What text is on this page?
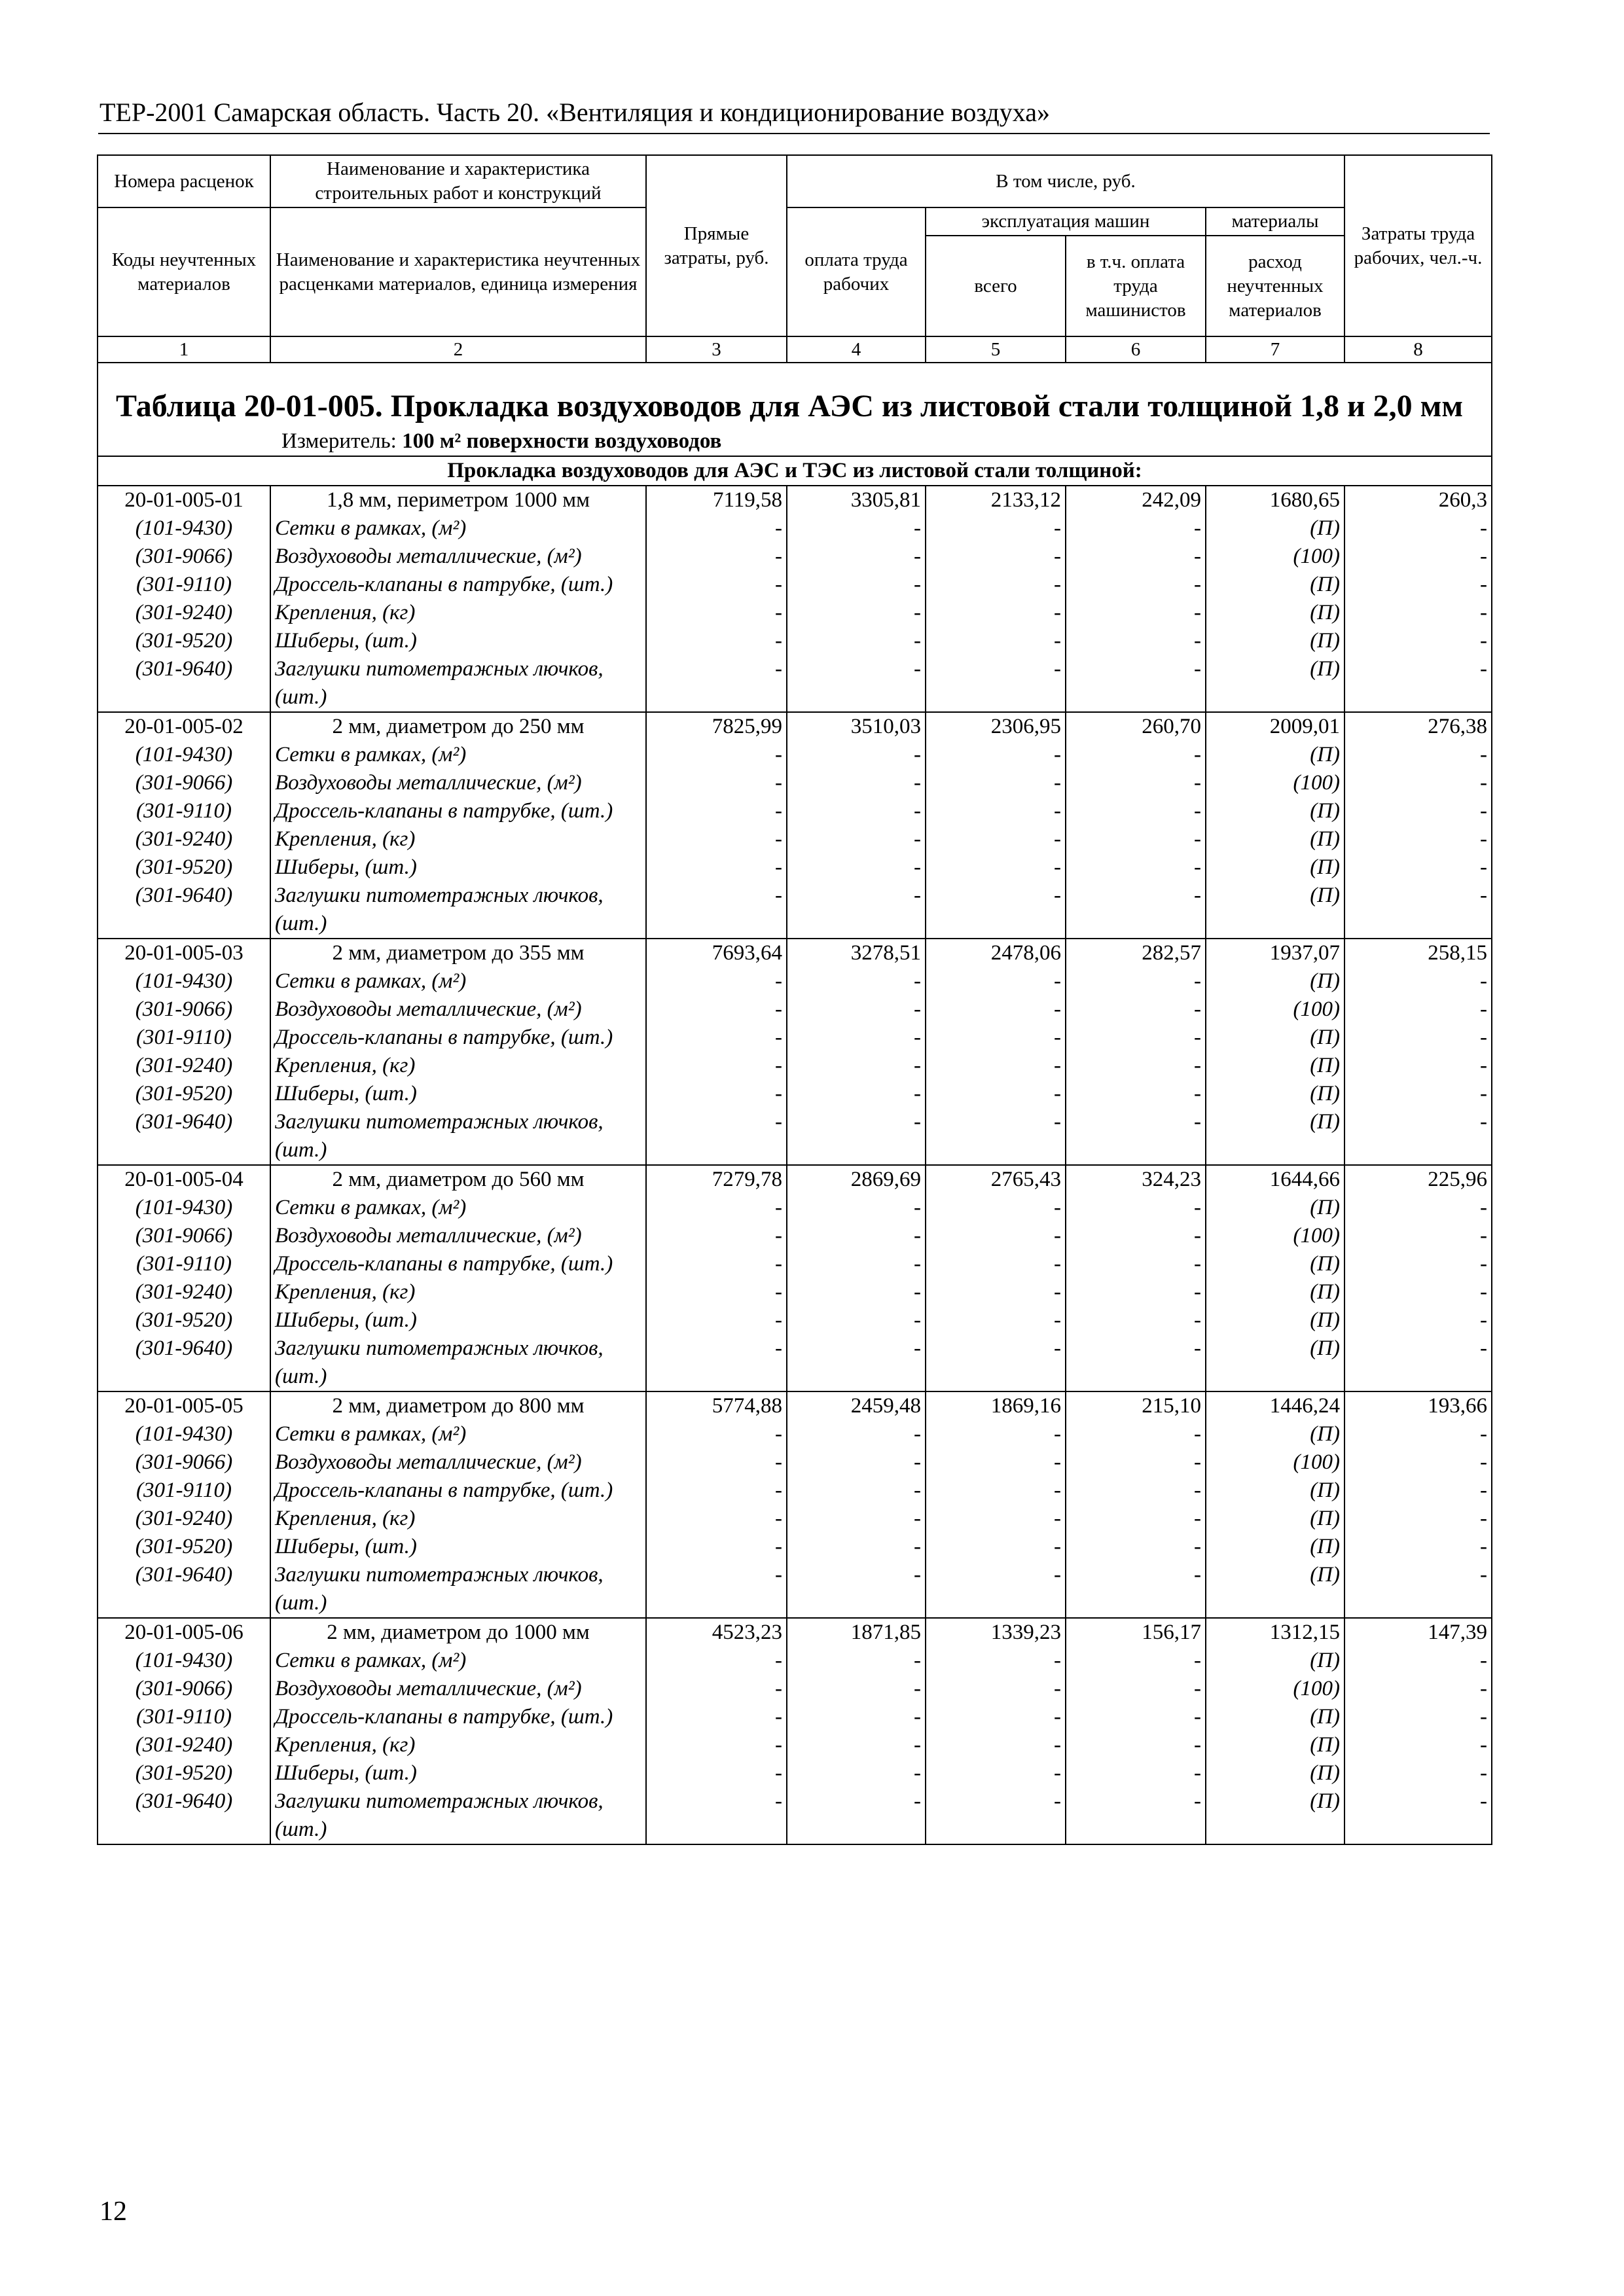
ТЕР-2001 Самарская область. Часть 20. «Вентиляция и кондиционирование воздуха»
Номера расценок	Наименование и характеристика строительных работ и конструкций	Прямые затраты, руб.	В том числе, руб.				Затраты труда рабочих, чел.-ч.
Коды неучтенных материалов	Наименование и характеристика неучтенных расценками материалов, единица измерения		оплата труда рабочих	эксплуатация машин		материалы	
				всего	в т.ч. оплата труда машинистов	расход неучтенных материалов	
1	2	3	4	5	6	7	8

Таблица 20-01-005. Прокладка воздуховодов для АЭС из листовой стали толщиной 1,8 и 2,0 мм							

Измеритель: 100 м² поверхности воздуховодов							
Прокладка воздуховодов для АЭС и ТЭС из листовой стали толщиной:							
20-01-005-01	1,8 мм, периметром 1000 мм	7119,58	3305,81	2133,12	242,09	1680,65	260,3
(101-9430)	Сетки в рамках, (м²)	-	-	-	-	(П)	-
(301-9066)	Воздуховоды металлические, (м²)	-	-	-	-	(100)	-
(301-9110)	Дроссель-клапаны в патрубке, (шт.)	-	-	-	-	(П)	-
(301-9240)	Крепления, (кг)	-	-	-	-	(П)	-
(301-9520)	Шиберы, (шт.)	-	-	-	-	(П)	-
(301-9640)	Заглушки питометражных лючков, (шт.)	-	-	-	-	(П)	-
20-01-005-02	2 мм, диаметром до 250 мм	7825,99	3510,03	2306,95	260,70	2009,01	276,38
(101-9430)	Сетки в рамках, (м²)	-	-	-	-	(П)	-
(301-9066)	Воздуховоды металлические, (м²)	-	-	-	-	(100)	-
(301-9110)	Дроссель-клапаны в патрубке, (шт.)	-	-	-	-	(П)	-
(301-9240)	Крепления, (кг)	-	-	-	-	(П)	-
(301-9520)	Шиберы, (шт.)	-	-	-	-	(П)	-
(301-9640)	Заглушки питометражных лючков, (шт.)	-	-	-	-	(П)	-
20-01-005-03	2 мм, диаметром до 355 мм	7693,64	3278,51	2478,06	282,57	1937,07	258,15
(101-9430)	Сетки в рамках, (м²)	-	-	-	-	(П)	-
(301-9066)	Воздуховоды металлические, (м²)	-	-	-	-	(100)	-
(301-9110)	Дроссель-клапаны в патрубке, (шт.)	-	-	-	-	(П)	-
(301-9240)	Крепления, (кг)	-	-	-	-	(П)	-
(301-9520)	Шиберы, (шт.)	-	-	-	-	(П)	-
(301-9640)	Заглушки питометражных лючков, (шт.)	-	-	-	-	(П)	-
20-01-005-04	2 мм, диаметром до 560 мм	7279,78	2869,69	2765,43	324,23	1644,66	225,96
(101-9430)	Сетки в рамках, (м²)	-	-	-	-	(П)	-
(301-9066)	Воздуховоды металлические, (м²)	-	-	-	-	(100)	-
(301-9110)	Дроссель-клапаны в патрубке, (шт.)	-	-	-	-	(П)	-
(301-9240)	Крепления, (кг)	-	-	-	-	(П)	-
(301-9520)	Шиберы, (шт.)	-	-	-	-	(П)	-
(301-9640)	Заглушки питометражных лючков, (шт.)	-	-	-	-	(П)	-
20-01-005-05	2 мм, диаметром до 800 мм	5774,88	2459,48	1869,16	215,10	1446,24	193,66
(101-9430)	Сетки в рамках, (м²)	-	-	-	-	(П)	-
(301-9066)	Воздуховоды металлические, (м²)	-	-	-	-	(100)	-
(301-9110)	Дроссель-клапаны в патрубке, (шт.)	-	-	-	-	(П)	-
(301-9240)	Крепления, (кг)	-	-	-	-	(П)	-
(301-9520)	Шиберы, (шт.)	-	-	-	-	(П)	-
(301-9640)	Заглушки питометражных лючков, (шт.)	-	-	-	-	(П)	-
20-01-005-06	2 мм, диаметром до 1000 мм	4523,23	1871,85	1339,23	156,17	1312,15	147,39
(101-9430)	Сетки в рамках, (м²)	-	-	-	-	(П)	-
(301-9066)	Воздуховоды металлические, (м²)	-	-	-	-	(100)	-
(301-9110)	Дроссель-клапаны в патрубке, (шт.)	-	-	-	-	(П)	-
(301-9240)	Крепления, (кг)	-	-	-	-	(П)	-
(301-9520)	Шиберы, (шт.)	-	-	-	-	(П)	-
(301-9640)	Заглушки питометражных лючков, (шт.)	-	-	-	-	(П)	-
12
